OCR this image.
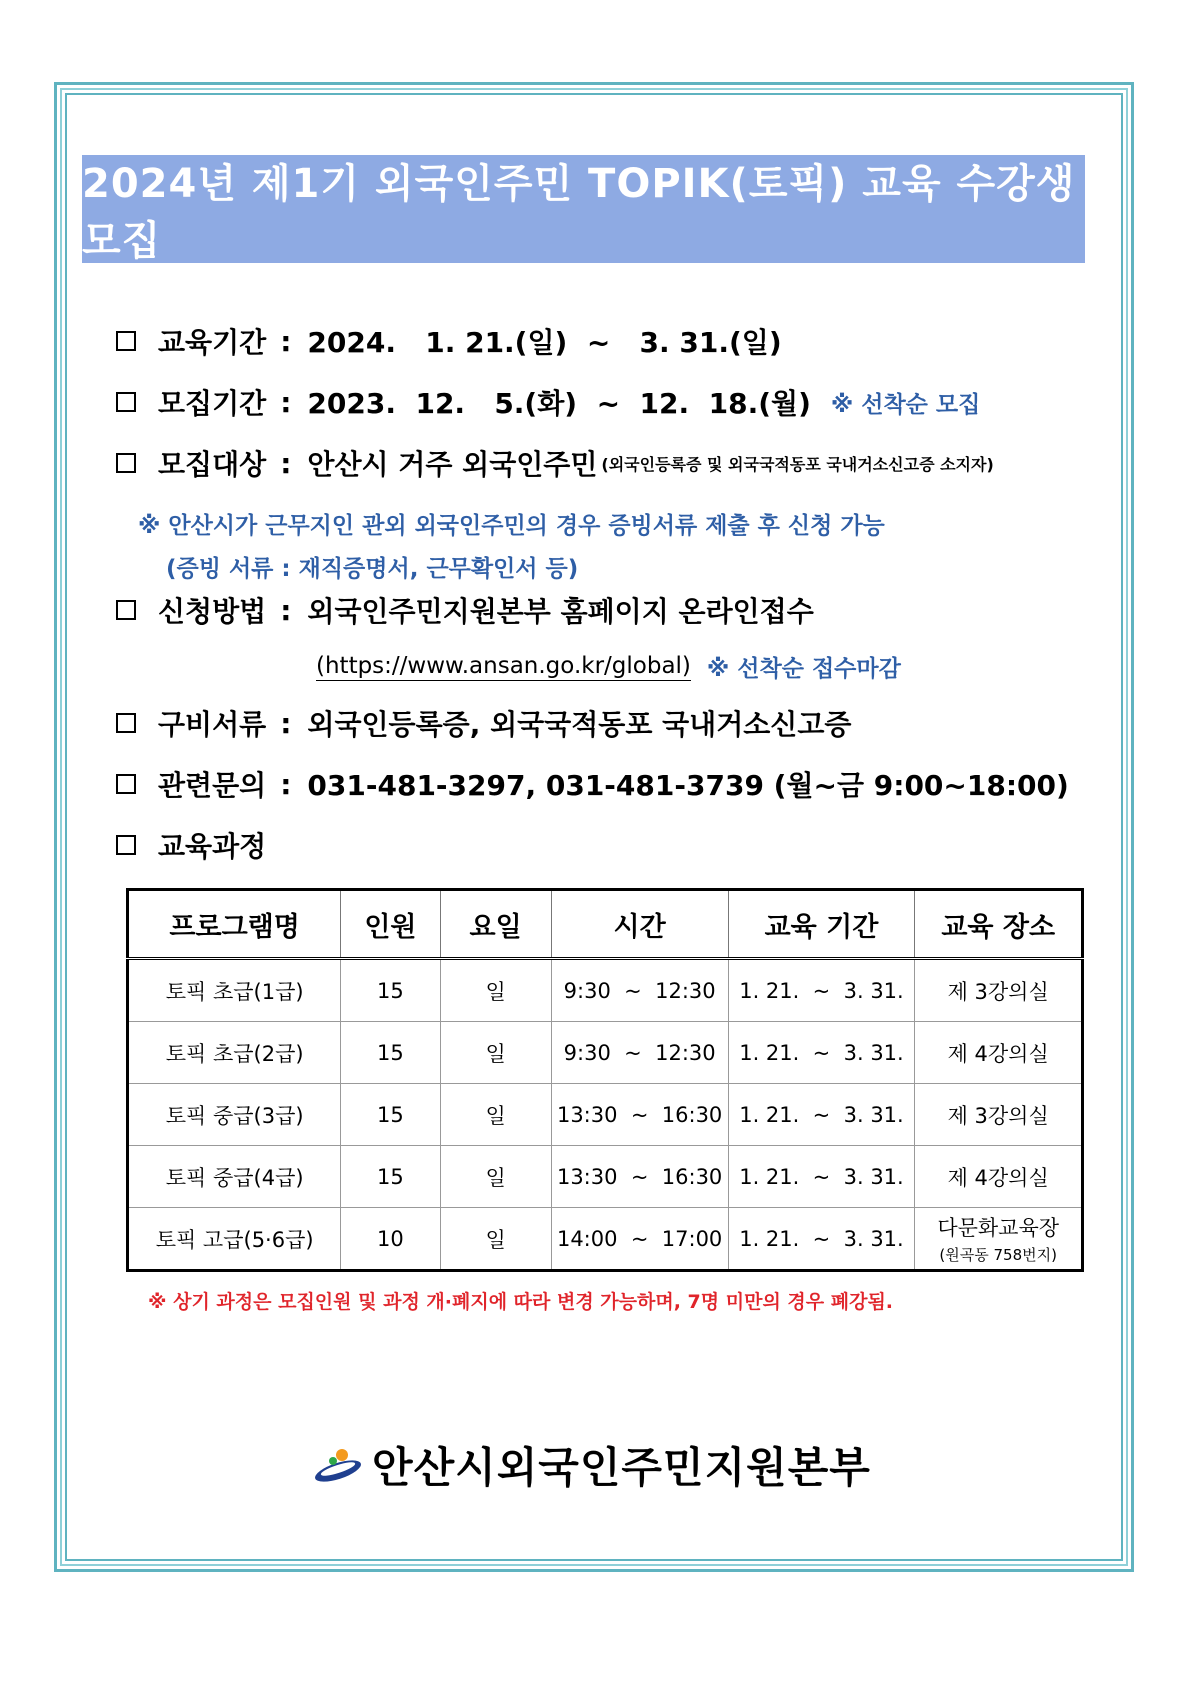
2024년 제1기 외국인주민 TOPIK(토픽) 교육 수강생 모집
교육기간 : 2024.   1. 21.(일)  ~   3. 31.(일)
모집기간 : 2023.  12.   5.(화)  ~  12.  18.(월) ※ 선착순 모집
모집대상 : 안산시 거주 외국인주민 (외국인등록증 및 외국국적동포 국내거소신고증 소지자)
※ 안산시가 근무지인 관외 외국인주민의 경우 증빙서류 제출 후 신청 가능
(증빙 서류 : 재직증명서, 근무확인서 등)
신청방법 : 외국인주민지원본부 홈페이지 온라인접수
(https://www.ansan.go.kr/global) ※ 선착순 접수마감
구비서류 : 외국인등록증, 외국국적동포 국내거소신고증
관련문의 : 031-481-3297, 031-481-3739 (월~금 9:00~18:00)
교육과정
프로그램명	인원	요일	시간	교육 기간	교육 장소
토픽 초급(1급)	15	일	9:30  ~  12:30	1. 21.  ~  3. 31.	제 3강의실
토픽 초급(2급)	15	일	9:30  ~  12:30	1. 21.  ~  3. 31.	제 4강의실
토픽 중급(3급)	15	일	13:30  ~  16:30	1. 21.  ~  3. 31.	제 3강의실
토픽 중급(4급)	15	일	13:30  ~  16:30	1. 21.  ~  3. 31.	제 4강의실
토픽 고급(5·6급)	10	일	14:00  ~  17:00	1. 21.  ~  3. 31.	다문화교육장
(원곡동 758번지)
※ 상기 과정은 모집인원 및 과정 개·폐지에 따라 변경 가능하며, 7명 미만의 경우 폐강됨.
안산시외국인주민지원본부
